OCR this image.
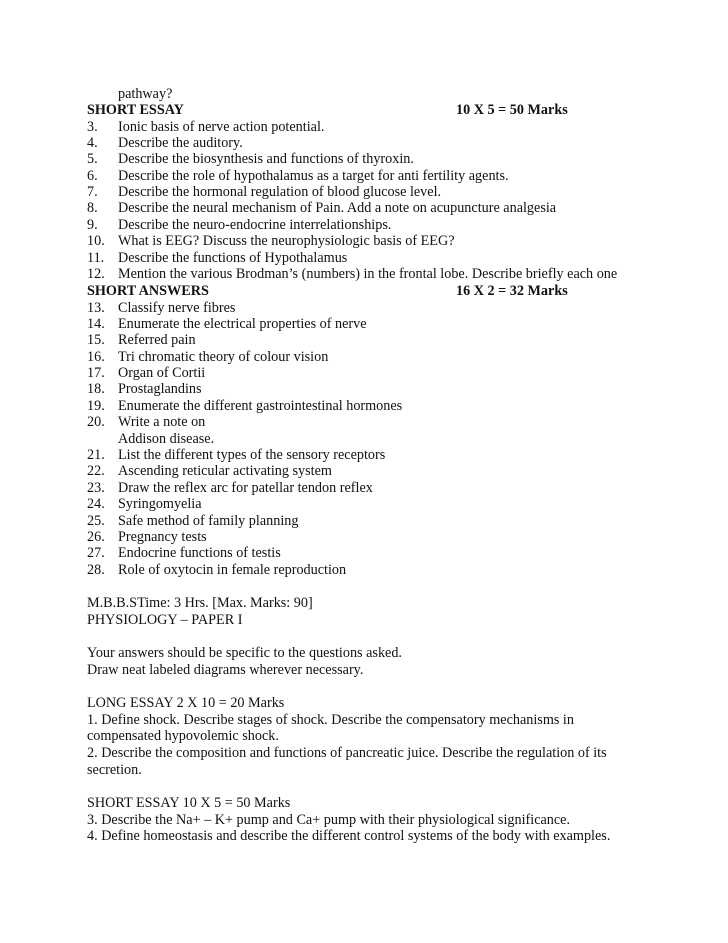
pathway?
SHORT ESSAY	10 X 5 = 50 Marks
3. Ionic basis of nerve action potential.
4. Describe the auditory.
5. Describe the biosynthesis and functions of thyroxin.
6. Describe the role of hypothalamus as a target for anti fertility agents.
7. Describe the hormonal regulation of blood glucose level.
8. Describe the neural mechanism of Pain. Add a note on acupuncture analgesia
9. Describe the neuro-endocrine interrelationships.
10. What is EEG? Discuss the neurophysiologic basis of EEG?
11. Describe the functions of Hypothalamus
12. Mention the various Brodman’s (numbers) in the frontal lobe. Describe briefly each one
SHORT ANSWERS	16 X 2 = 32 Marks
13. Classify nerve fibres
14. Enumerate the electrical properties of nerve
15. Referred pain
16. Tri chromatic theory of colour vision
17. Organ of Cortii
18. Prostaglandins
19. Enumerate the different gastrointestinal hormones
20. Write a note on
Addison disease.
21. List the different types of the sensory receptors
22. Ascending reticular activating system
23. Draw the reflex arc for patellar tendon reflex
24. Syringomyelia
25. Safe method of family planning
26. Pregnancy tests
27. Endocrine functions of testis
28. Role of oxytocin in female reproduction
M.B.B.STime: 3 Hrs. [Max. Marks: 90]
PHYSIOLOGY – PAPER I
Your answers should be specific to the questions asked.
Draw neat labeled diagrams wherever necessary.
LONG ESSAY 2 X 10 = 20 Marks
1. Define shock. Describe stages of shock. Describe the compensatory mechanisms in
compensated hypovolemic shock.
2. Describe the composition and functions of pancreatic juice. Describe the regulation of its
secretion.
SHORT ESSAY 10 X 5 = 50 Marks
3. Describe the Na+ – K+ pump and Ca+ pump with their physiological significance.
4. Define homeostasis and describe the different control systems of the body with examples.
